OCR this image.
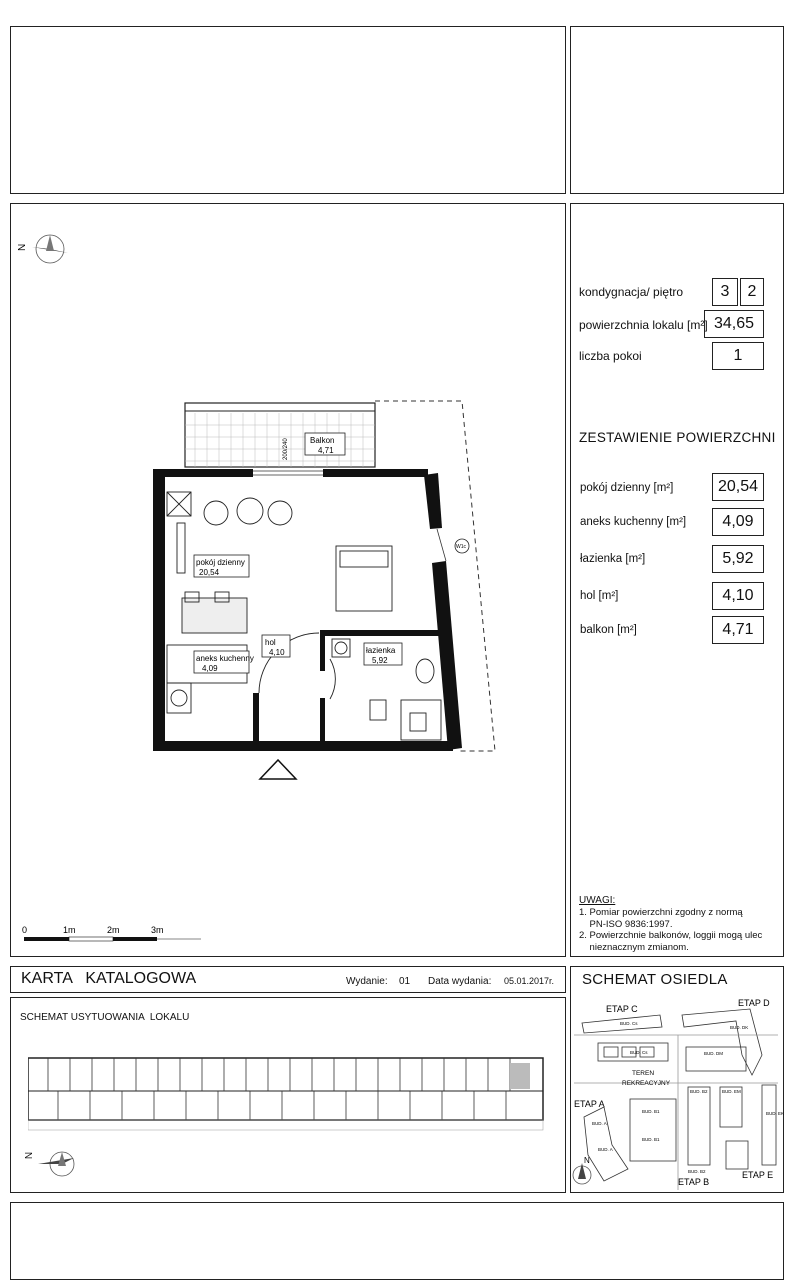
kondygnacja/ piętro	3	2
powierzchnia lokalu [m²] 34,65
liczba pokoi	1
ZESTAWIENIE POWIERZCHNI
pokój dzienny [m²]	20,54
aneks kuchenny [m²]	4,09
łazienka [m²]	5,92
hol [m²]	4,10
balkon [m²]	4,71
UWAGI:
1. Pomiar powierzchni zgodny z normą
PN-ISO 9836:1997.
2. Powierzchnie balkonów, loggii mogą ulec
nieznacznym zmianom.
N
Balkon
4,71
200/240
W1c
pokój dzienny
20,54
hol
4,10	łazienka
5,92
aneks kuchenny
4,09
0	1m	2m	3m
KARTA   KATALOGOWA	Wydanie: 01 Data wydania: 05.01.2017r.
SCHEMAT USYTUOWANIA  LOKALU
N
SCHEMAT OSIEDLA
N
ETAP C
ETAP D
ETAP A
ETAP B
ETAP E
TEREN
REKREACYJNY
BUD. Cs
BUD. Cs
BUD. DK
BUD. DM
BUD. B2
BUD. B1
BUD. B1
BUD. EM
BUD. EK
BUD. B2
BUD. A
BUD. A
